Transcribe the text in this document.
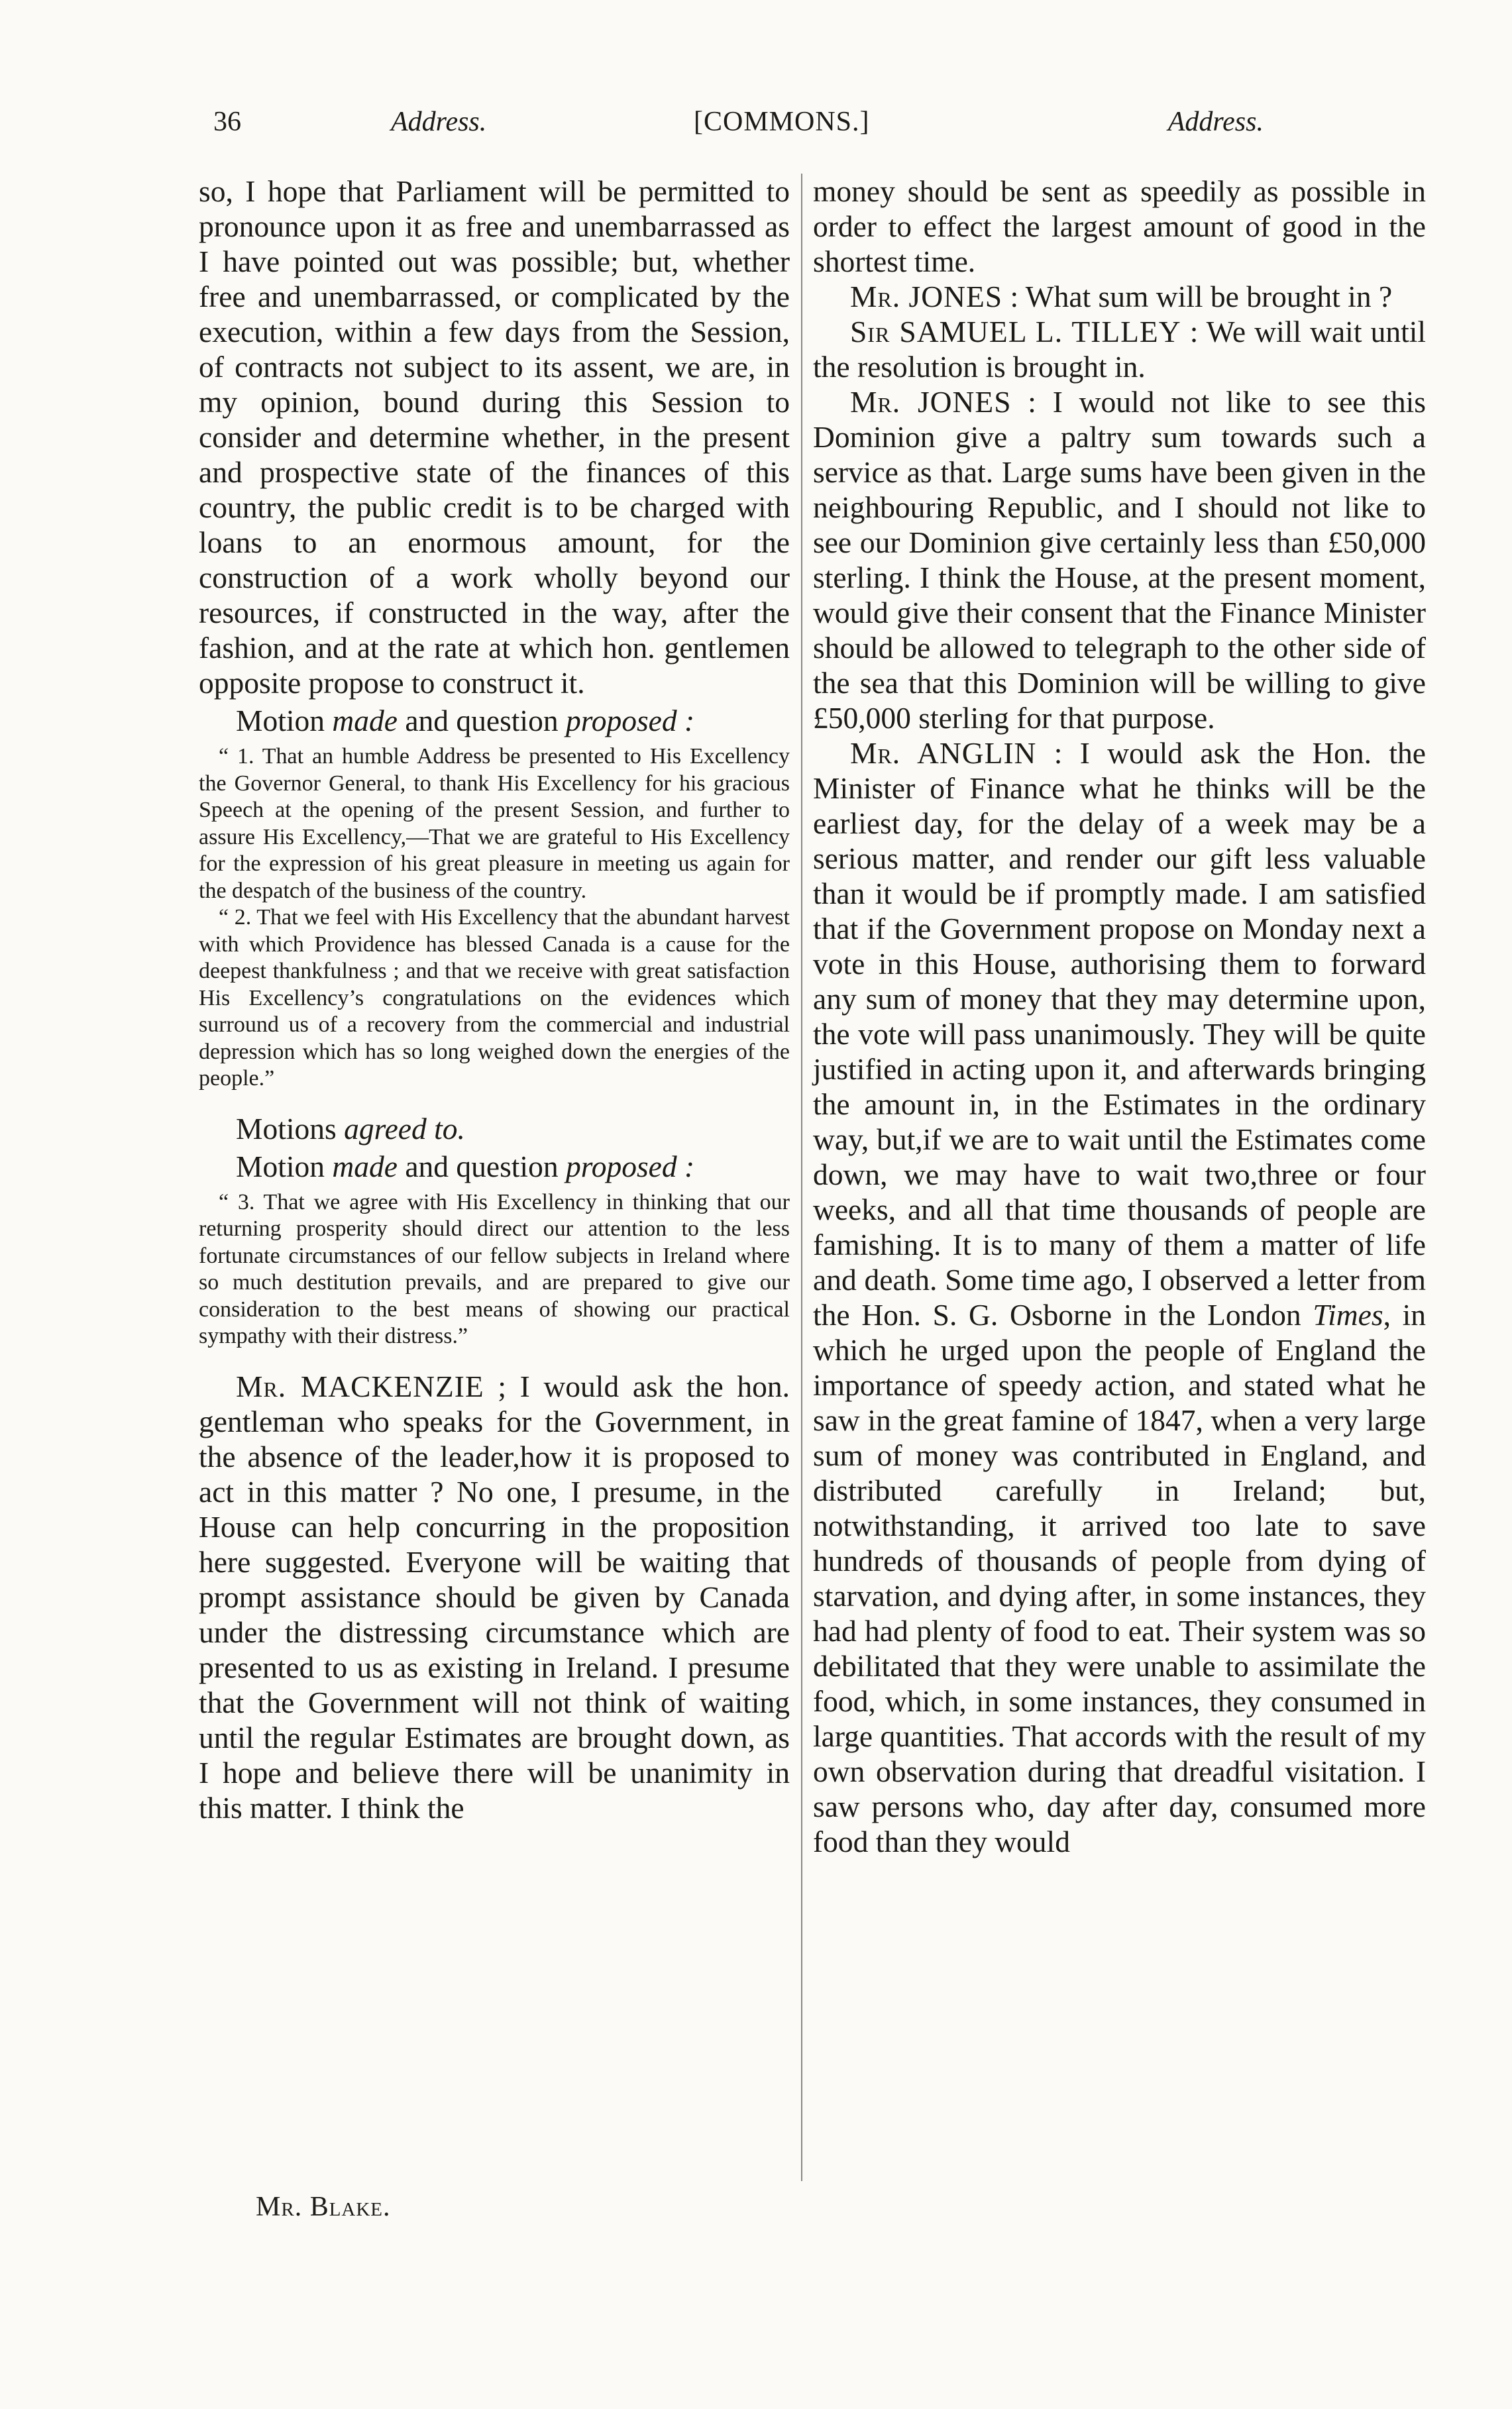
36	Address.	[COMMONS.]	Address.

so, I hope that Parliament will be permitted to pronounce upon it as free and unembarrassed as I have pointed out was possible; but, whether free and unembarrassed, or complicated by the execution, within a few days from the Session, of contracts not subject to its assent, we are, in my opinion, bound during this Session to consider and determine whether, in the present and prospective state of the finances of this country, the public credit is to be charged with loans to an enormous amount, for the construction of a work wholly beyond our resources, if constructed in the way, after the fashion, and at the rate at which hon. gentlemen opposite propose to construct it.

Motion made and question proposed :

“ 1. That an humble Address be presented to His Excellency the Governor General, to thank His Excellency for his gracious Speech at the opening of the present Session, and further to assure His Excellency,—That we are grateful to His Excellency for the expression of his great pleasure in meeting us again for the despatch of the business of the country.

“ 2. That we feel with His Excellency that the abundant harvest with which Providence has blessed Canada is a cause for the deepest thankfulness ; and that we receive with great satisfaction His Excellency’s congratulations on the evidences which surround us of a recovery from the commercial and industrial depression which has so long weighed down the energies of the people.”

Motions agreed to.

Motion made and question proposed :

“ 3. That we agree with His Excellency in thinking that our returning prosperity should direct our attention to the less fortunate circumstances of our fellow subjects in Ireland where so much destitution prevails, and are prepared to give our consideration to the best means of showing our practical sympathy with their distress.”

Mr. MACKENZIE ; I would ask the hon. gentleman who speaks for the Government, in the absence of the leader,how it is proposed to act in this matter ? No one, I presume, in the House can help concurring in the proposition here suggested. Everyone will be waiting that prompt assistance should be given by Canada under the distressing circumstance which are presented to us as existing in Ireland. I presume that the Government will not think of waiting until the regular Estimates are brought down, as I hope and believe there will be unanimity in this matter. I think the

Mr. Blake.

money should be sent as speedily as possible in order to effect the largest amount of good in the shortest time.

Mr. JONES : What sum will be brought in ?

Sir SAMUEL L. TILLEY : We will wait until the resolution is brought in.

Mr. JONES : I would not like to see this Dominion give a paltry sum towards such a service as that. Large sums have been given in the neighbouring Republic, and I should not like to see our Dominion give certainly less than £50,000 sterling. I think the House, at the present moment, would give their consent that the Finance Minister should be allowed to telegraph to the other side of the sea that this Dominion will be willing to give £50,000 sterling for that purpose.

Mr. ANGLIN : I would ask the Hon. the Minister of Finance what he thinks will be the earliest day, for the delay of a week may be a serious matter, and render our gift less valuable than it would be if promptly made. I am satisfied that if the Government propose on Monday next a vote in this House, authorising them to forward any sum of money that they may determine upon, the vote will pass unanimously. They will be quite justified in acting upon it, and afterwards bringing the amount in, in the Estimates in the ordinary way, but,if we are to wait until the Estimates come down, we may have to wait two,three or four weeks, and all that time thousands of people are famishing. It is to many of them a matter of life and death. Some time ago, I observed a letter from the Hon. S. G. Osborne in the London Times, in which he urged upon the people of England the importance of speedy action, and stated what he saw in the great famine of 1847, when a very large sum of money was contributed in England, and distributed carefully in Ireland; but, notwithstanding, it arrived too late to save hundreds of thousands of people from dying of starvation, and dying after, in some instances, they had had plenty of food to eat. Their system was so debilitated that they were unable to assimilate the food, which, in some instances, they consumed in large quantities. That accords with the result of my own observation during that dreadful visitation. I saw persons who, day after day, consumed more food than they would
